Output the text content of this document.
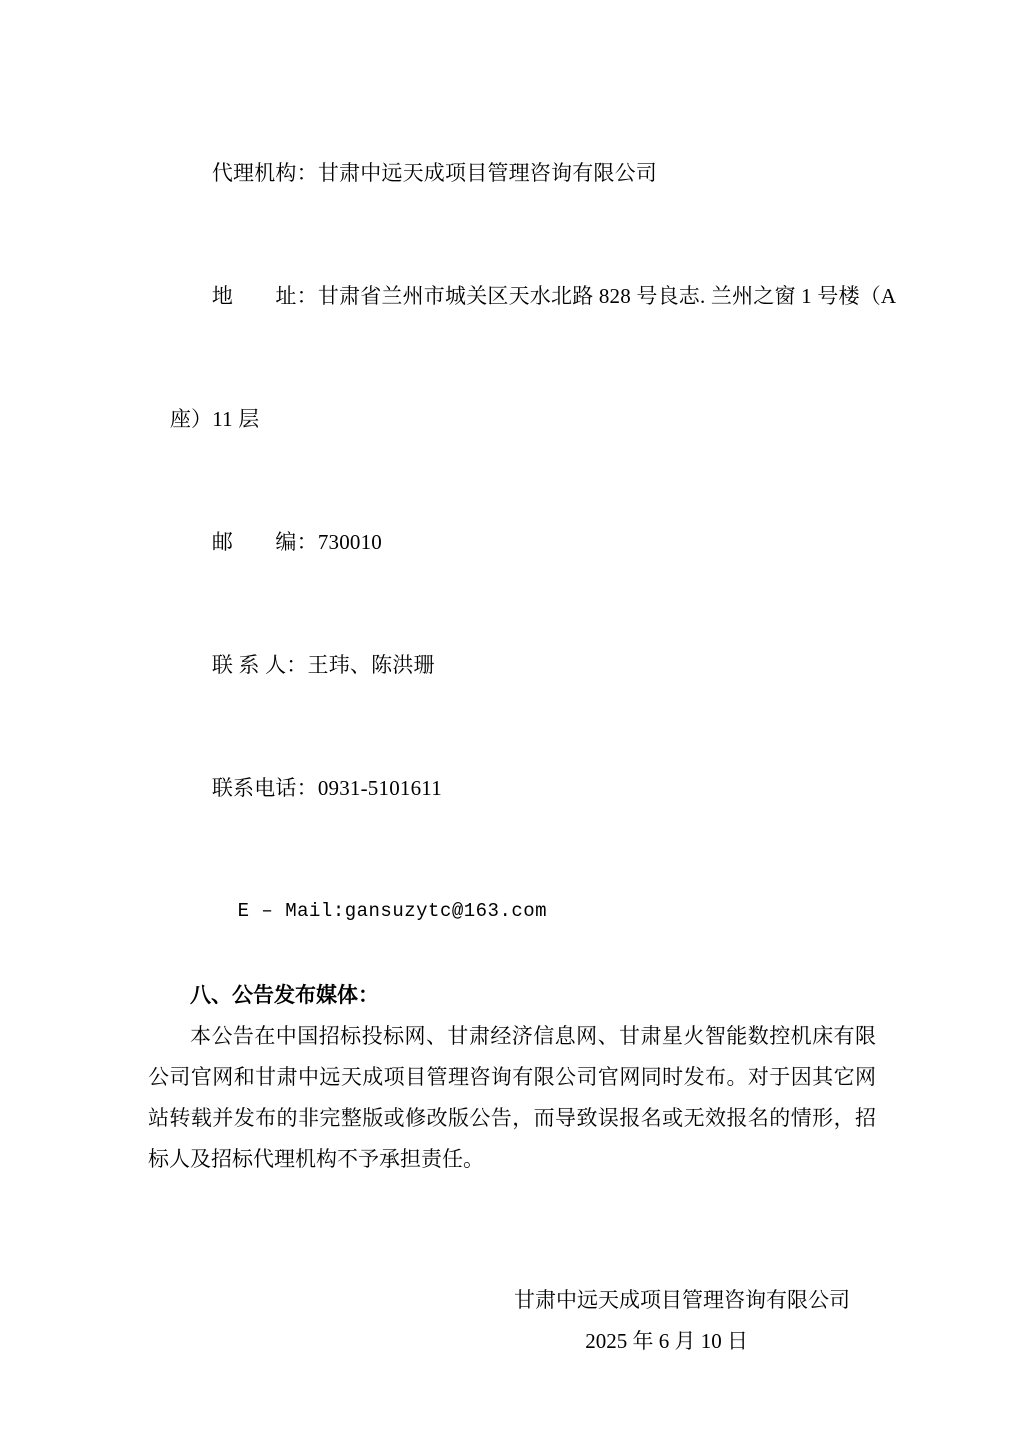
代理机构：甘肃中远天成项目管理咨询有限公司

地　　址：甘肃省兰州市城关区天水北路 828 号良志. 兰州之窗 1 号楼（A

座）11 层

邮　　编：730010

联 系 人：王玮、陈洪珊

联系电话：0931-5101611

E – Mail:gansuzytc@163.com

八、公告发布媒体：
本公告在中国招标投标网、甘肃经济信息网、甘肃星火智能数控机床有限公司官网和甘肃中远天成项目管理咨询有限公司官网同时发布。对于因其它网站转载并发布的非完整版或修改版公告，而导致误报名或无效报名的情形，招标人及招标代理机构不予承担责任。
甘肃中远天成项目管理咨询有限公司
2025 年 6 月 10 日
